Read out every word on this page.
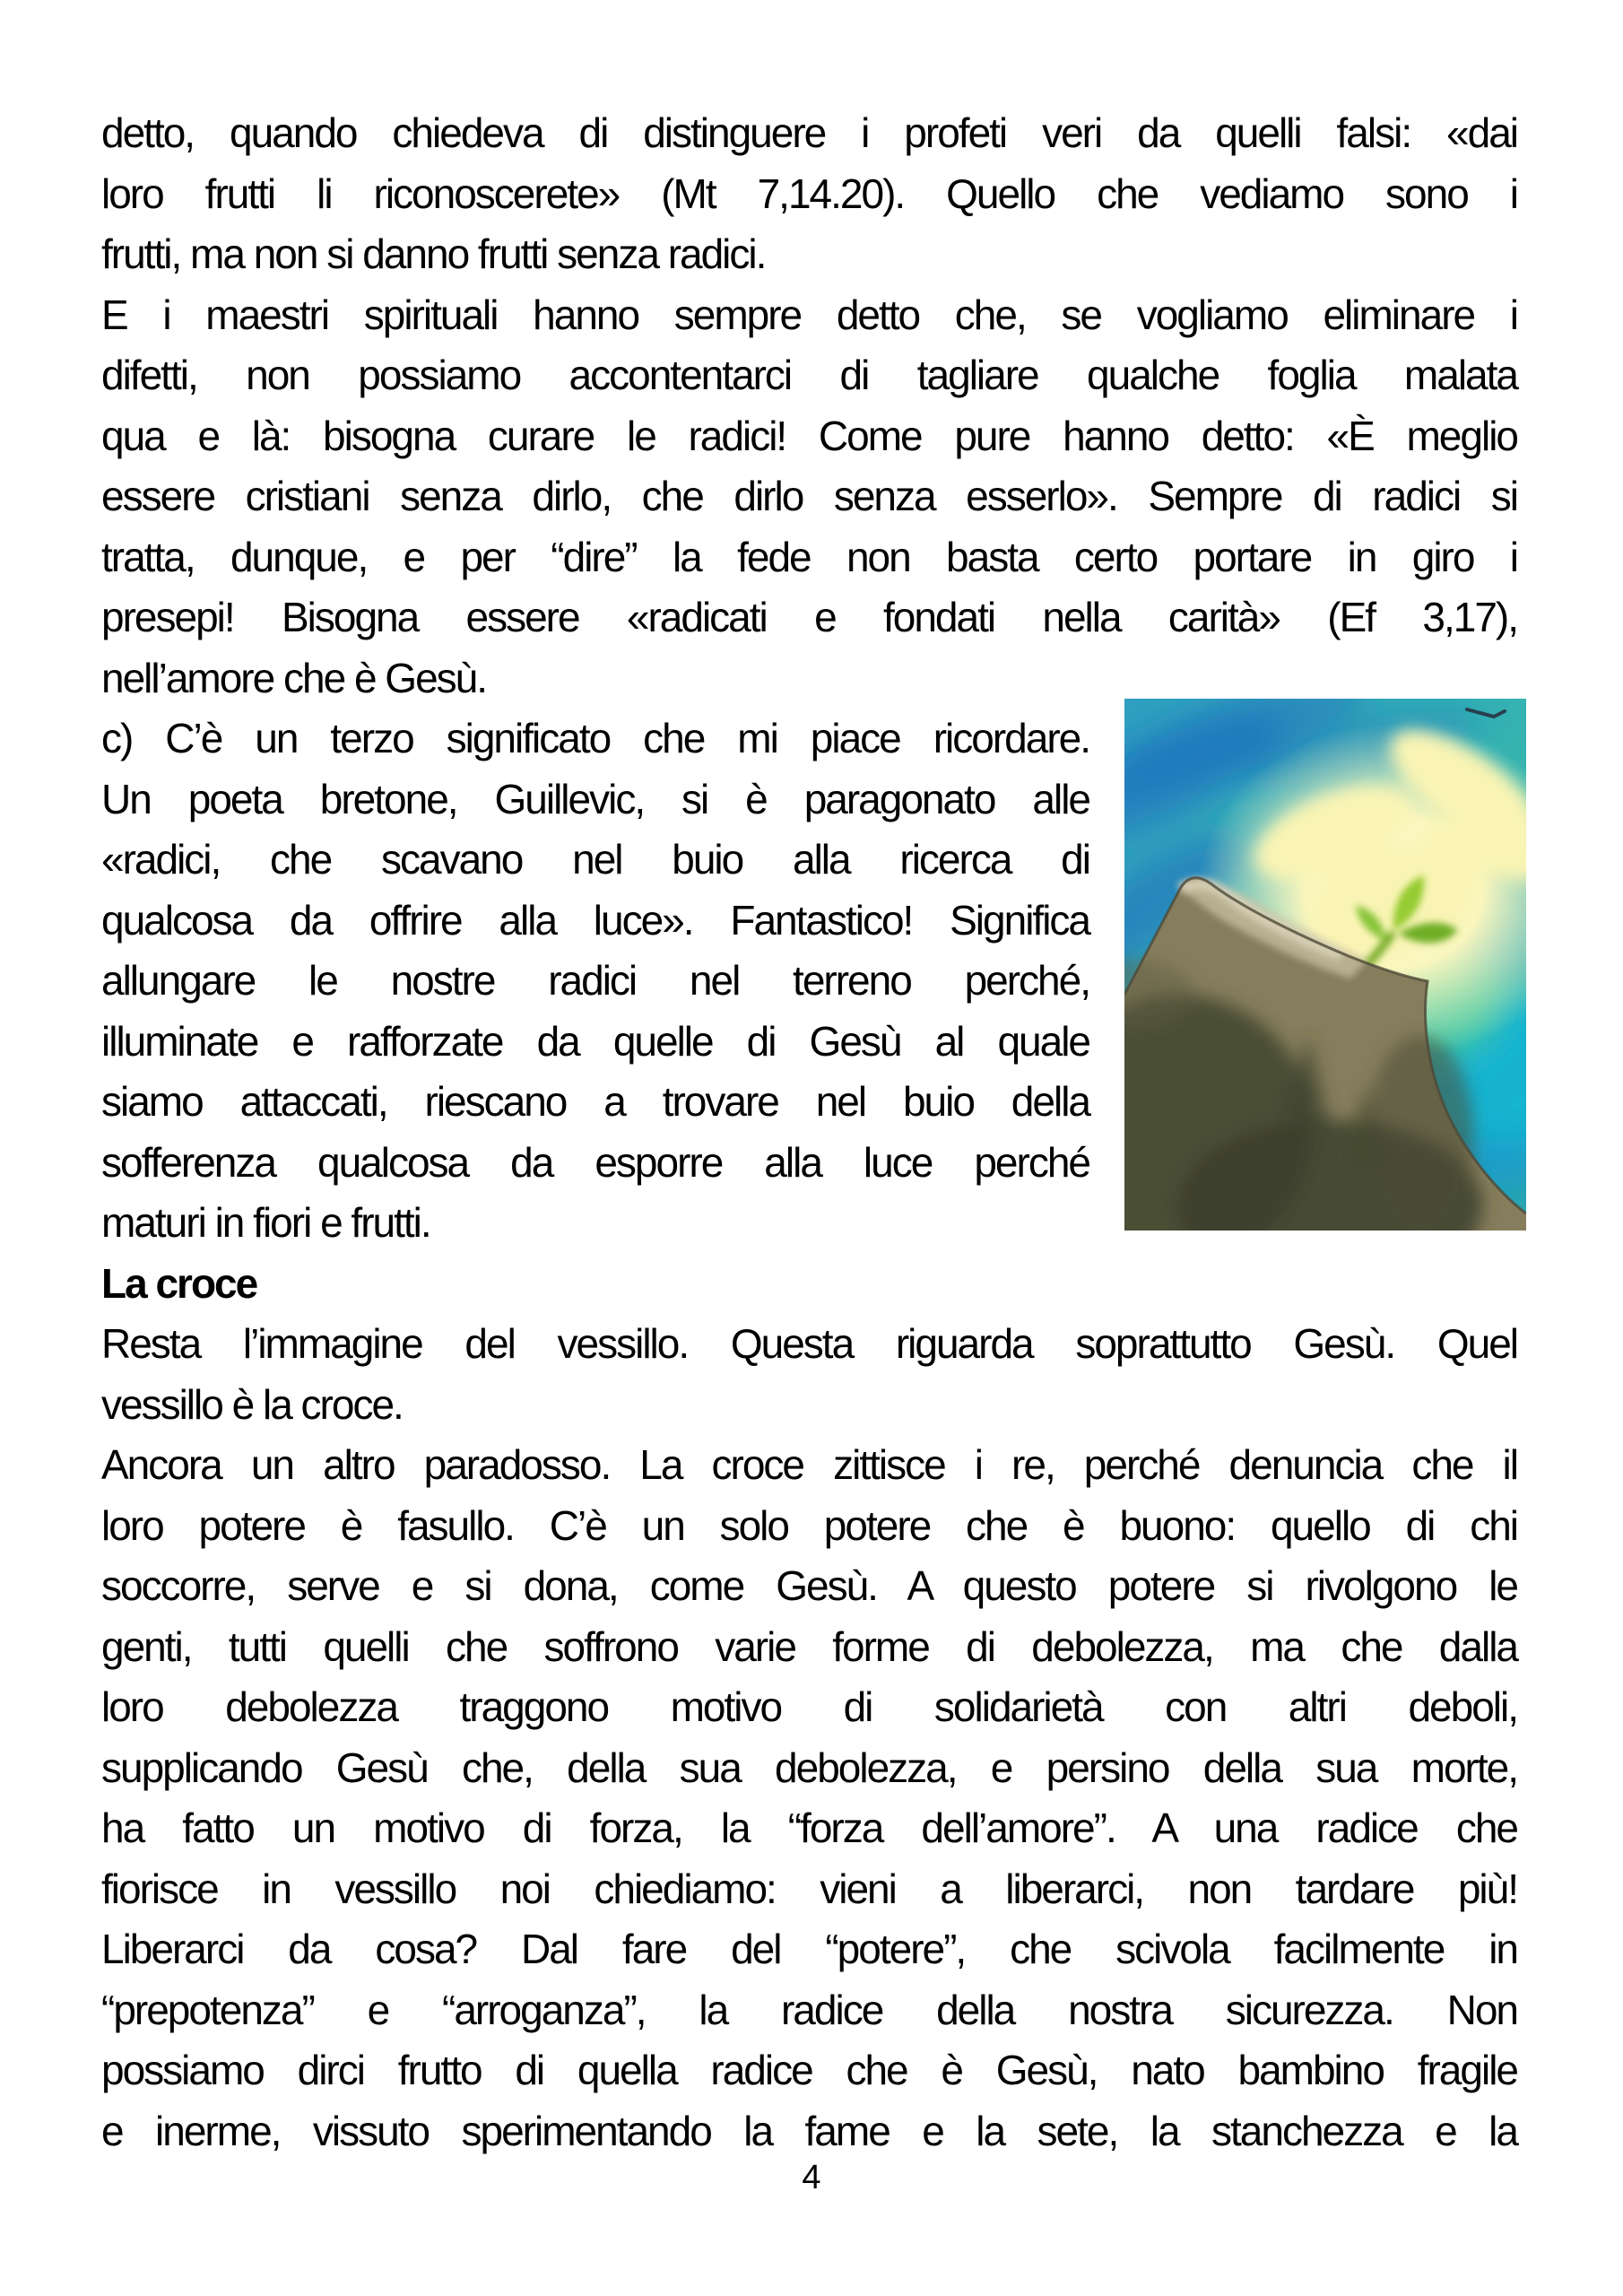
detto, quando chiedeva di distinguere i profeti veri da quelli falsi: «dai
loro frutti li riconoscerete» (Mt 7,14.20). Quello che vediamo sono i
frutti, ma non si danno frutti senza radici.
E i maestri spirituali hanno sempre detto che, se vogliamo eliminare i
difetti, non possiamo accontentarci di tagliare qualche foglia malata
qua e là: bisogna curare le radici! Come pure hanno detto: «È meglio
essere cristiani senza dirlo, che dirlo senza esserlo». Sempre di radici si
tratta, dunque, e per “dire” la fede non basta certo portare in giro i
presepi! Bisogna essere «radicati e fondati nella carità» (Ef 3,17),
nell’amore che è Gesù.
c) C’è un terzo significato che mi piace ricordare.
Un poeta bretone, Guillevic, si è paragonato alle
«radici, che scavano nel buio alla ricerca di
qualcosa da offrire alla luce». Fantastico! Significa
allungare le nostre radici nel terreno perché,
illuminate e rafforzate da quelle di Gesù al quale
siamo attaccati, riescano a trovare nel buio della
sofferenza qualcosa da esporre alla luce perché
maturi in fiori e frutti.
La croce
Resta l’immagine del vessillo. Questa riguarda soprattutto Gesù. Quel
vessillo è la croce.
Ancora un altro paradosso. La croce zittisce i re, perché denuncia che il
loro potere è fasullo. C’è un solo potere che è buono: quello di chi
soccorre, serve e si dona, come Gesù. A questo potere si rivolgono le
genti, tutti quelli che soffrono varie forme di debolezza, ma che dalla
loro debolezza traggono motivo di solidarietà con altri deboli,
supplicando Gesù che, della sua debolezza, e persino della sua morte,
ha fatto un motivo di forza, la “forza dell’amore”. A una radice che
fiorisce in vessillo noi chiediamo: vieni a liberarci, non tardare più!
Liberarci da cosa? Dal fare del “potere”, che scivola facilmente in
“prepotenza” e “arroganza”, la radice della nostra sicurezza. Non
possiamo dirci frutto di quella radice che è Gesù, nato bambino fragile
e inerme, vissuto sperimentando la fame e la sete, la stanchezza e la
4
